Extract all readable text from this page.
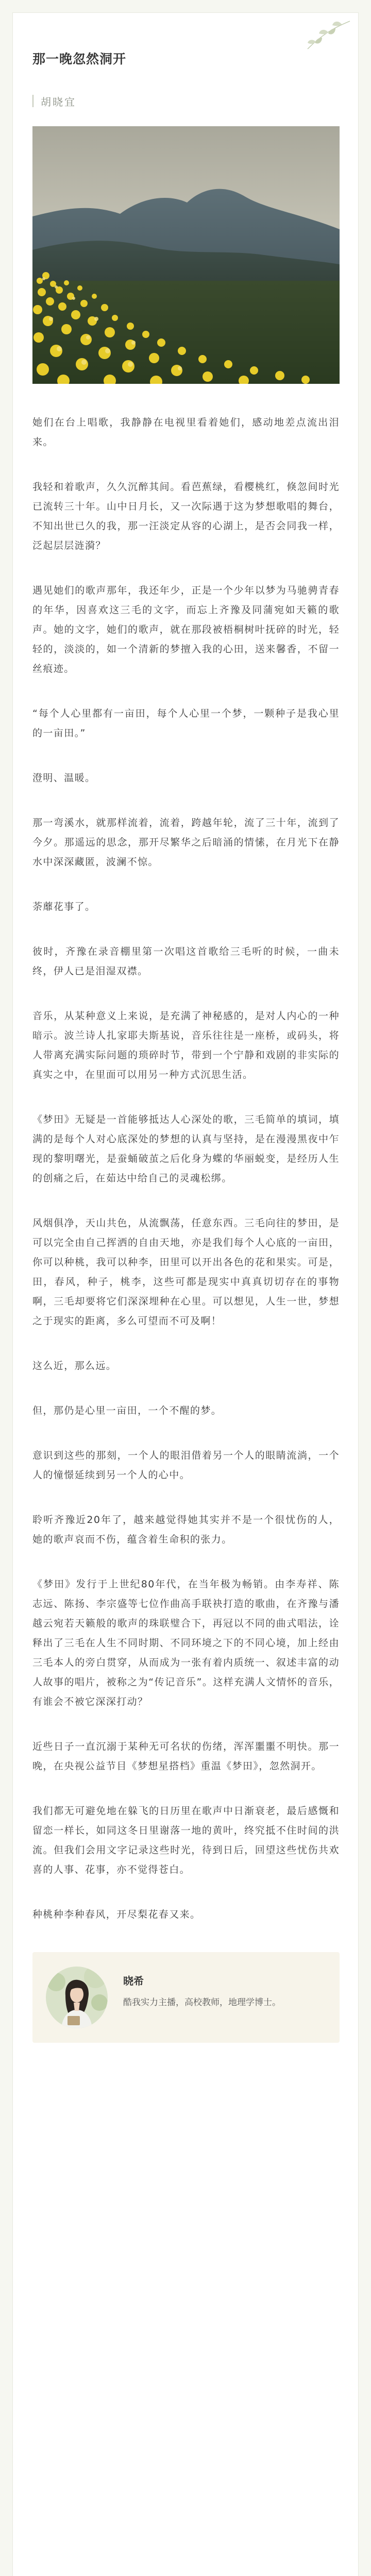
那一晚忽然洞开
胡晓宜

她们在台上唱歌，我静静在电视里看着她们，感动地差点流出泪来。

我轻和着歌声，久久沉醉其间。看芭蕉绿，看樱桃红，倏忽间时光已流转三十年。山中日月长，又一次际遇于这为梦想歌唱的舞台，不知出世已久的我，那一汪淡定从容的心湖上，是否会同我一样，泛起层层涟漪？

遇见她们的歌声那年，我还年少，正是一个少年以梦为马驰骋青春的年华，因喜欢这三毛的文字，而忘上齐豫及同蒲宛如天籁的歌声。她的文字，她们的歌声，就在那段被梧桐树叶抚碎的时光，轻轻的，淡淡的，如一个清新的梦擅入我的心田，送来馨香，不留一丝痕迹。

“每个人心里都有一亩田，每个人心里一个梦，一颗种子是我心里的一亩田。”

澄明、温暖。

那一弯溪水，就那样流着，流着，跨越年轮，流了三十年，流到了今夕。那遥远的思念，那开尽繁华之后暗涌的情愫，在月光下在静水中深深藏匿，波澜不惊。

荼蘼花事了。

彼时，齐豫在录音棚里第一次唱这首歌给三毛听的时候，一曲未终，伊人已是泪湿双襟。

音乐，从某种意义上来说，是充满了神秘感的，是对人内心的一种暗示。波兰诗人扎家耶夫斯基说，音乐往往是一座桥，或码头，将人带离充满实际问题的琐碎时节，带到一个宁静和戏剧的非实际的真实之中，在里面可以用另一种方式沉思生活。

《梦田》无疑是一首能够抵达人心深处的歌，三毛简单的填词，填满的是每个人对心底深处的梦想的认真与坚持，是在漫漫黑夜中乍现的黎明曙光，是蚕蛹破茧之后化身为蝶的华丽蜕变，是经历人生的创痛之后，在茹达中给自己的灵魂松绑。

风烟俱净，天山共色，从流飘荡，任意东西。三毛向往的梦田，是可以完全由自己挥洒的自由天地，亦是我们每个人心底的一亩田，你可以种桃，我可以种李，田里可以开出各色的花和果实。可是，田，春风，种子，桃李，这些可都是现实中真真切切存在的事物啊，三毛却要将它们深深埋种在心里。可以想见，人生一世，梦想之于现实的距离，多么可望而不可及啊！

这么近，那么远。

但，那仍是心里一亩田，一个不醒的梦。

意识到这些的那刻，一个人的眼泪借着另一个人的眼睛流淌，一个人的憧憬延续到另一个人的心中。

聆听齐豫近20年了，越来越觉得她其实并不是一个很忧伤的人，她的歌声哀而不伤，蕴含着生命积的张力。

《梦田》发行于上世纪80年代，在当年极为畅销。由李寿祥、陈志远、陈扬、李宗盛等七位作曲高手联袂打造的歌曲，在齐豫与潘越云宛若天籁般的歌声的珠联璧合下，再冠以不同的曲式唱法，诠释出了三毛在人生不同时期、不同环境之下的不同心境，加上经由三毛本人的旁白贯穿，从而成为一张有着内质统一、叙述丰富的动人故事的唱片，被称之为“传记音乐”。这样充满人文情怀的音乐，有谁会不被它深深打动？

近些日子一直沉溺于某种无可名状的伤绪，浑浑噩噩不明快。那一晚，在央视公益节目《梦想星搭档》重温《梦田》，忽然洞开。

我们都无可避免地在躲飞的日历里在歌声中日渐衰老，最后感慨和留恋一样长，如同这冬日里谢落一地的黄叶，终究抵不住时间的洪流。但我们会用文字记录这些时光，待到日后，回望这些忧伤共欢喜的人事、花事，亦不觉得苍白。

种桃种李种春风，开尽梨花春又来。

晓希

酷我实力主播，高校教师，地理学博士。
